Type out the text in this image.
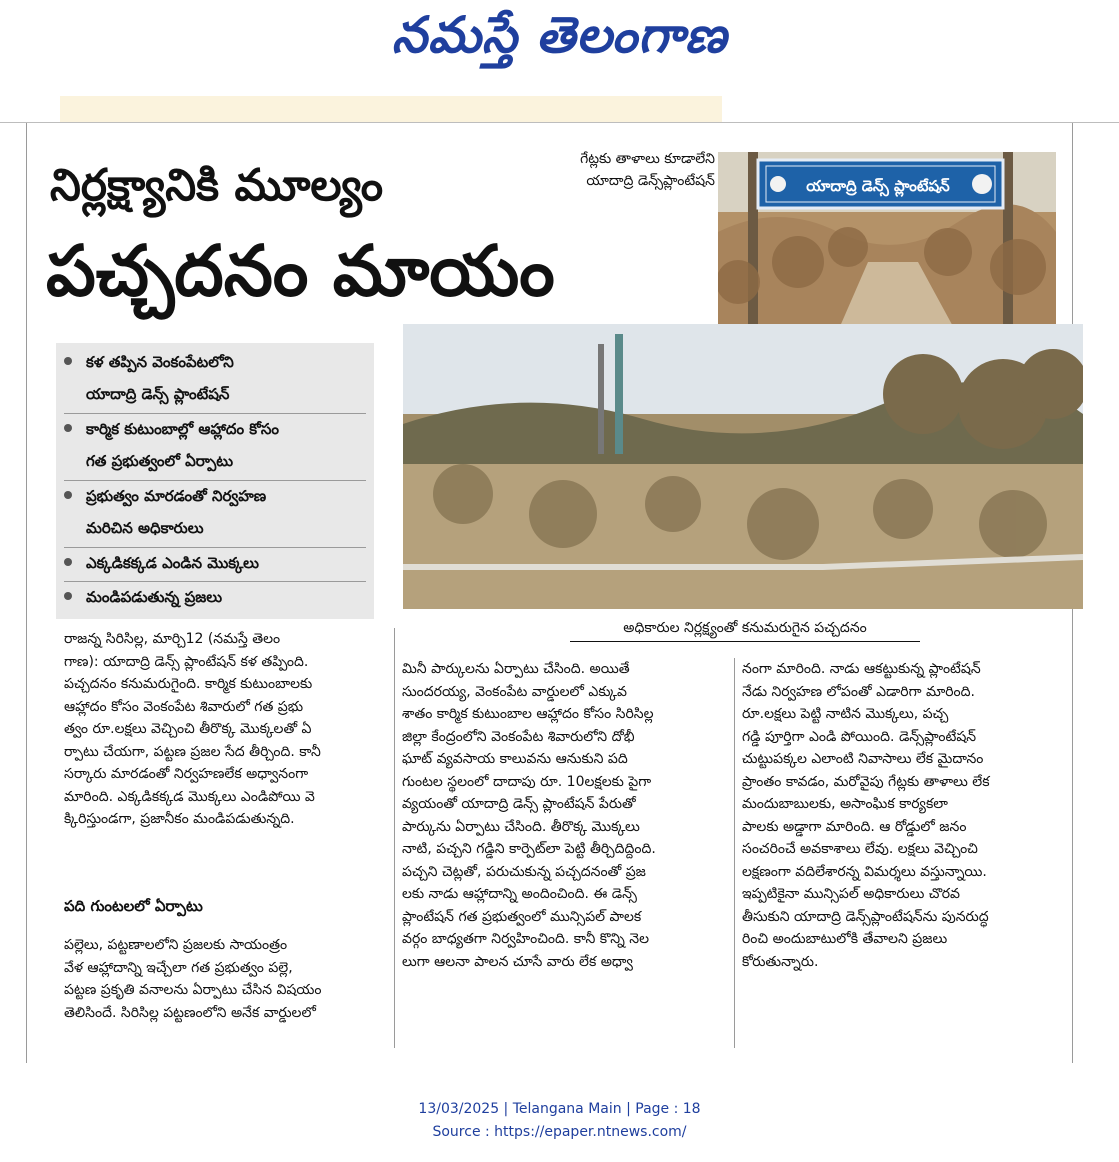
నమస్తే తెలంగాణ
నిర్లక్ష్యానికి మూల్యం
పచ్చదనం మాయం
గేట్లకు తాళాలు కూడాలేని
యాదాద్రి డెన్స్‌ప్లాంటేషన్	యాదాద్రి డెన్స్ ప్లాంటేషన్
అధికారుల నిర్లక్ష్యంతో కనుమరుగైన పచ్చదనం
కళ తప్పిన వెంకంపేటలోని
యాదాద్రి డెన్స్ ప్లాంటేషన్
కార్మిక కుటుంబాల్లో ఆహ్లాదం కోసం
గత ప్రభుత్వంలో ఏర్పాటు
ప్రభుత్వం మారడంతో నిర్వహణ
మరిచిన అధికారులు
ఎక్కడికక్కడ ఎండిన మొక్కలు
మండిపడుతున్న ప్రజలు
రాజన్న సిరిసిల్ల, మార్చి12 (నమస్తే తెలం
గాణ): యాదాద్రి డెన్స్ ప్లాంటేషన్ కళ తప్పింది.
పచ్చదనం కనుమరుగైంది. కార్మిక కుటుంబాలకు
ఆహ్లాదం కోసం వెంకంపేట శివారులో గత ప్రభు
త్వం రూ.లక్షలు వెచ్చించి తీరొక్క మొక్కలతో ఏ
ర్పాటు చేయగా, పట్టణ ప్రజల సేద తీర్చింది. కానీ
సర్కారు మారడంతో నిర్వహణలేక అధ్వానంగా
మారింది. ఎక్కడికక్కడ మొక్కలు ఎండిపోయి వె
క్కిరిస్తుండగా, ప్రజానీకం మండిపడుతున్నది.
పది గుంటలలో ఏర్పాటు
పల్లెలు, పట్టణాలలోని ప్రజలకు సాయంత్రం
వేళ ఆహ్లాదాన్ని ఇచ్చేలా గత ప్రభుత్వం పల్లె,
పట్టణ ప్రకృతి వనాలను ఏర్పాటు చేసిన విషయం
తెలిసిందే. సిరిసిల్ల పట్టణంలోని అనేక వార్డులలో
మినీ పార్కులను ఏర్పాటు చేసింది. అయితే
సుందరయ్య, వెంకంపేట వార్డులలో ఎక్కువ
శాతం కార్మిక కుటుంబాల ఆహ్లాదం కోసం సిరిసిల్ల
జిల్లా కేంద్రంలోని వెంకంపేట శివారులోని దోభీ
ఘాట్ వ్యవసాయ కాలువను ఆనుకుని పది
గుంటల స్థలంలో దాదాపు రూ. 10లక్షలకు పైగా
వ్యయంతో యాదాద్రి డెన్స్ ప్లాంటేషన్ పేరుతో
పార్కును ఏర్పాటు చేసింది. తీరొక్క మొక్కలు
నాటి, పచ్చని గడ్డిని కార్పెట్‌లా పెట్టి తీర్చిదిద్దింది.
పచ్చని చెట్లతో, పరుచుకున్న పచ్చదనంతో ప్రజ
లకు నాడు ఆహ్లాదాన్ని అందించింది. ఈ డెన్స్
ప్లాంటేషన్ గత ప్రభుత్వంలో మున్సిపల్ పాలక
వర్గం బాధ్యతగా నిర్వహించింది. కానీ కొన్ని నెల
లుగా ఆలనా పాలన చూసే వారు లేక అధ్వా
నంగా మారింది. నాడు ఆకట్టుకున్న ప్లాంటేషన్
నేడు నిర్వహణ లోపంతో ఎడారిగా మారింది.
రూ.లక్షలు పెట్టి నాటిన మొక్కలు, పచ్చ
గడ్డి పూర్తిగా ఎండి పోయింది. డెన్స్‌ప్లాంటేషన్
చుట్టుపక్కల ఎలాంటి నివాసాలు లేక మైదానం
ప్రాంతం కావడం, మరోవైపు గేట్లకు తాళాలు లేక
మందుబాబులకు, అసాంఘిక కార్యకలా
పాలకు అడ్డాగా మారింది. ఆ రోడ్డులో జనం
సంచరించే అవకాశాలు లేవు. లక్షలు వెచ్చించి
లక్షణంగా వదిలేశారన్న విమర్శలు వస్తున్నాయి.
ఇప్పటికైనా మున్సిపల్ అధికారులు చొరవ
తీసుకుని యాదాద్రి డెన్స్‌ప్లాంటేషన్‌ను పునరుద్ధ
రించి అందుబాటులోకి తేవాలని ప్రజలు
కోరుతున్నారు.
13/03/2025 | Telangana Main | Page : 18
Source : https://epaper.ntnews.com/
